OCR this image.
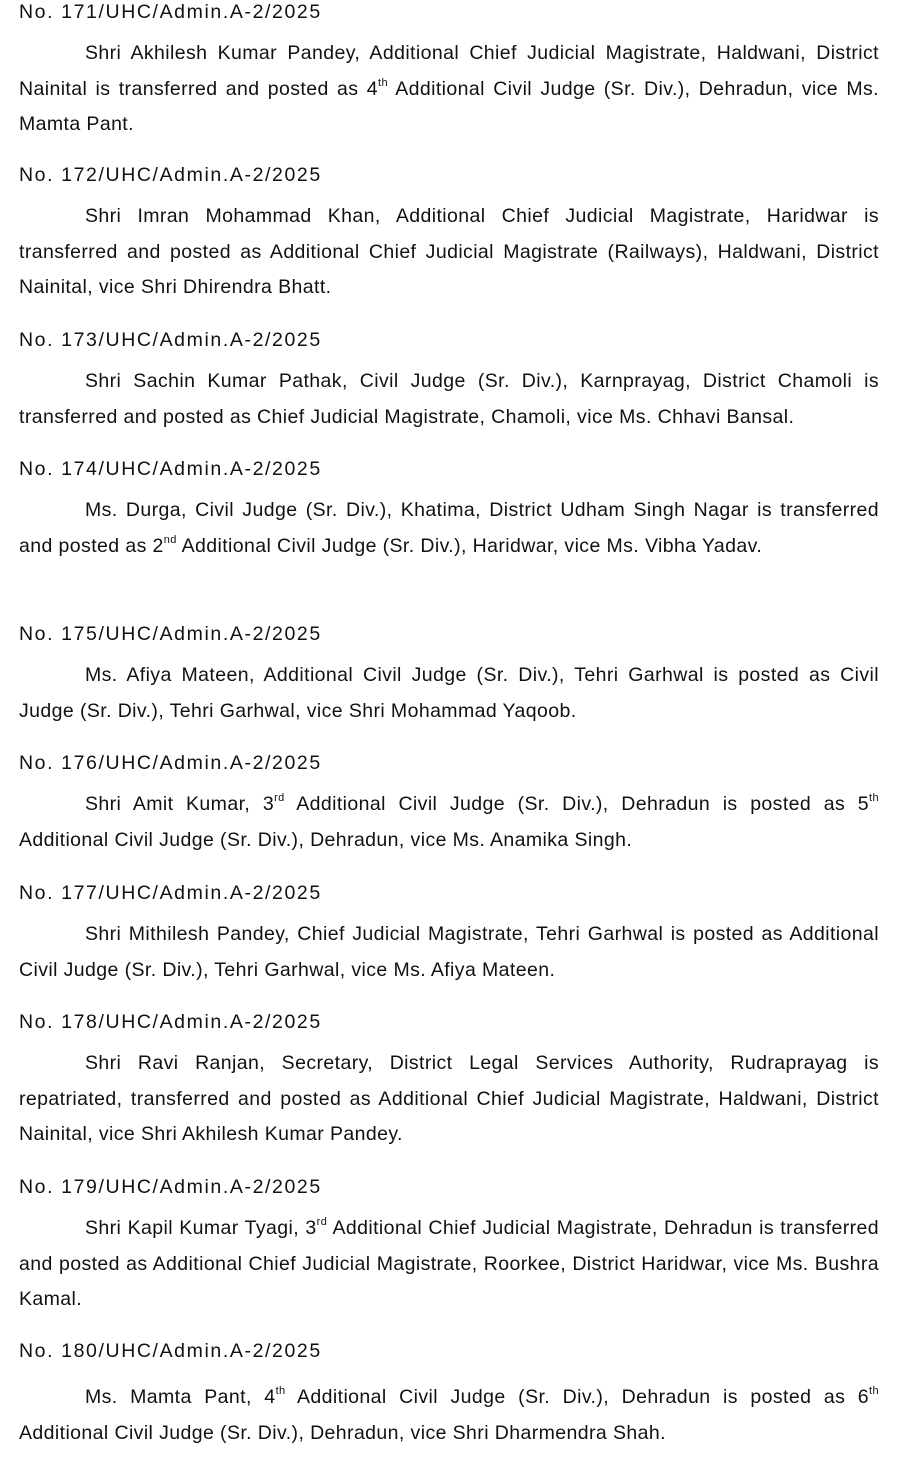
No. 171/UHC/Admin.A-2/2025
Shri Akhilesh Kumar Pandey, Additional Chief Judicial Magistrate, Haldwani, District Nainital is transferred and posted as 4th Additional Civil Judge (Sr. Div.), Dehradun, vice Ms. Mamta Pant.
No. 172/UHC/Admin.A-2/2025
Shri Imran Mohammad Khan, Additional Chief Judicial Magistrate, Haridwar is transferred and posted as Additional Chief Judicial Magistrate (Railways), Haldwani, District Nainital, vice Shri Dhirendra Bhatt.
No. 173/UHC/Admin.A-2/2025
Shri Sachin Kumar Pathak, Civil Judge (Sr. Div.), Karnprayag, District Chamoli is transferred and posted as Chief Judicial Magistrate, Chamoli, vice Ms. Chhavi Bansal.
No. 174/UHC/Admin.A-2/2025
Ms. Durga, Civil Judge (Sr. Div.), Khatima, District Udham Singh Nagar is transferred and posted as 2nd Additional Civil Judge (Sr. Div.), Haridwar, vice Ms. Vibha Yadav.
No. 175/UHC/Admin.A-2/2025
Ms. Afiya Mateen, Additional Civil Judge (Sr. Div.), Tehri Garhwal is posted as Civil Judge (Sr. Div.), Tehri Garhwal, vice Shri Mohammad Yaqoob.
No. 176/UHC/Admin.A-2/2025
Shri Amit Kumar, 3rd Additional Civil Judge (Sr. Div.), Dehradun is posted as 5th Additional Civil Judge (Sr. Div.), Dehradun, vice Ms. Anamika Singh.
No. 177/UHC/Admin.A-2/2025
Shri Mithilesh Pandey, Chief Judicial Magistrate, Tehri Garhwal is posted as Additional Civil Judge (Sr. Div.), Tehri Garhwal, vice Ms. Afiya Mateen.
No. 178/UHC/Admin.A-2/2025
Shri Ravi Ranjan, Secretary, District Legal Services Authority, Rudraprayag is repatriated, transferred and posted as Additional Chief Judicial Magistrate, Haldwani, District Nainital, vice Shri Akhilesh Kumar Pandey.
No. 179/UHC/Admin.A-2/2025
Shri Kapil Kumar Tyagi, 3rd Additional Chief Judicial Magistrate, Dehradun is transferred and posted as Additional Chief Judicial Magistrate, Roorkee, District Haridwar, vice Ms. Bushra Kamal.
No. 180/UHC/Admin.A-2/2025
Ms. Mamta Pant, 4th Additional Civil Judge (Sr. Div.), Dehradun is posted as 6th Additional Civil Judge (Sr. Div.), Dehradun, vice Shri Dharmendra Shah.
